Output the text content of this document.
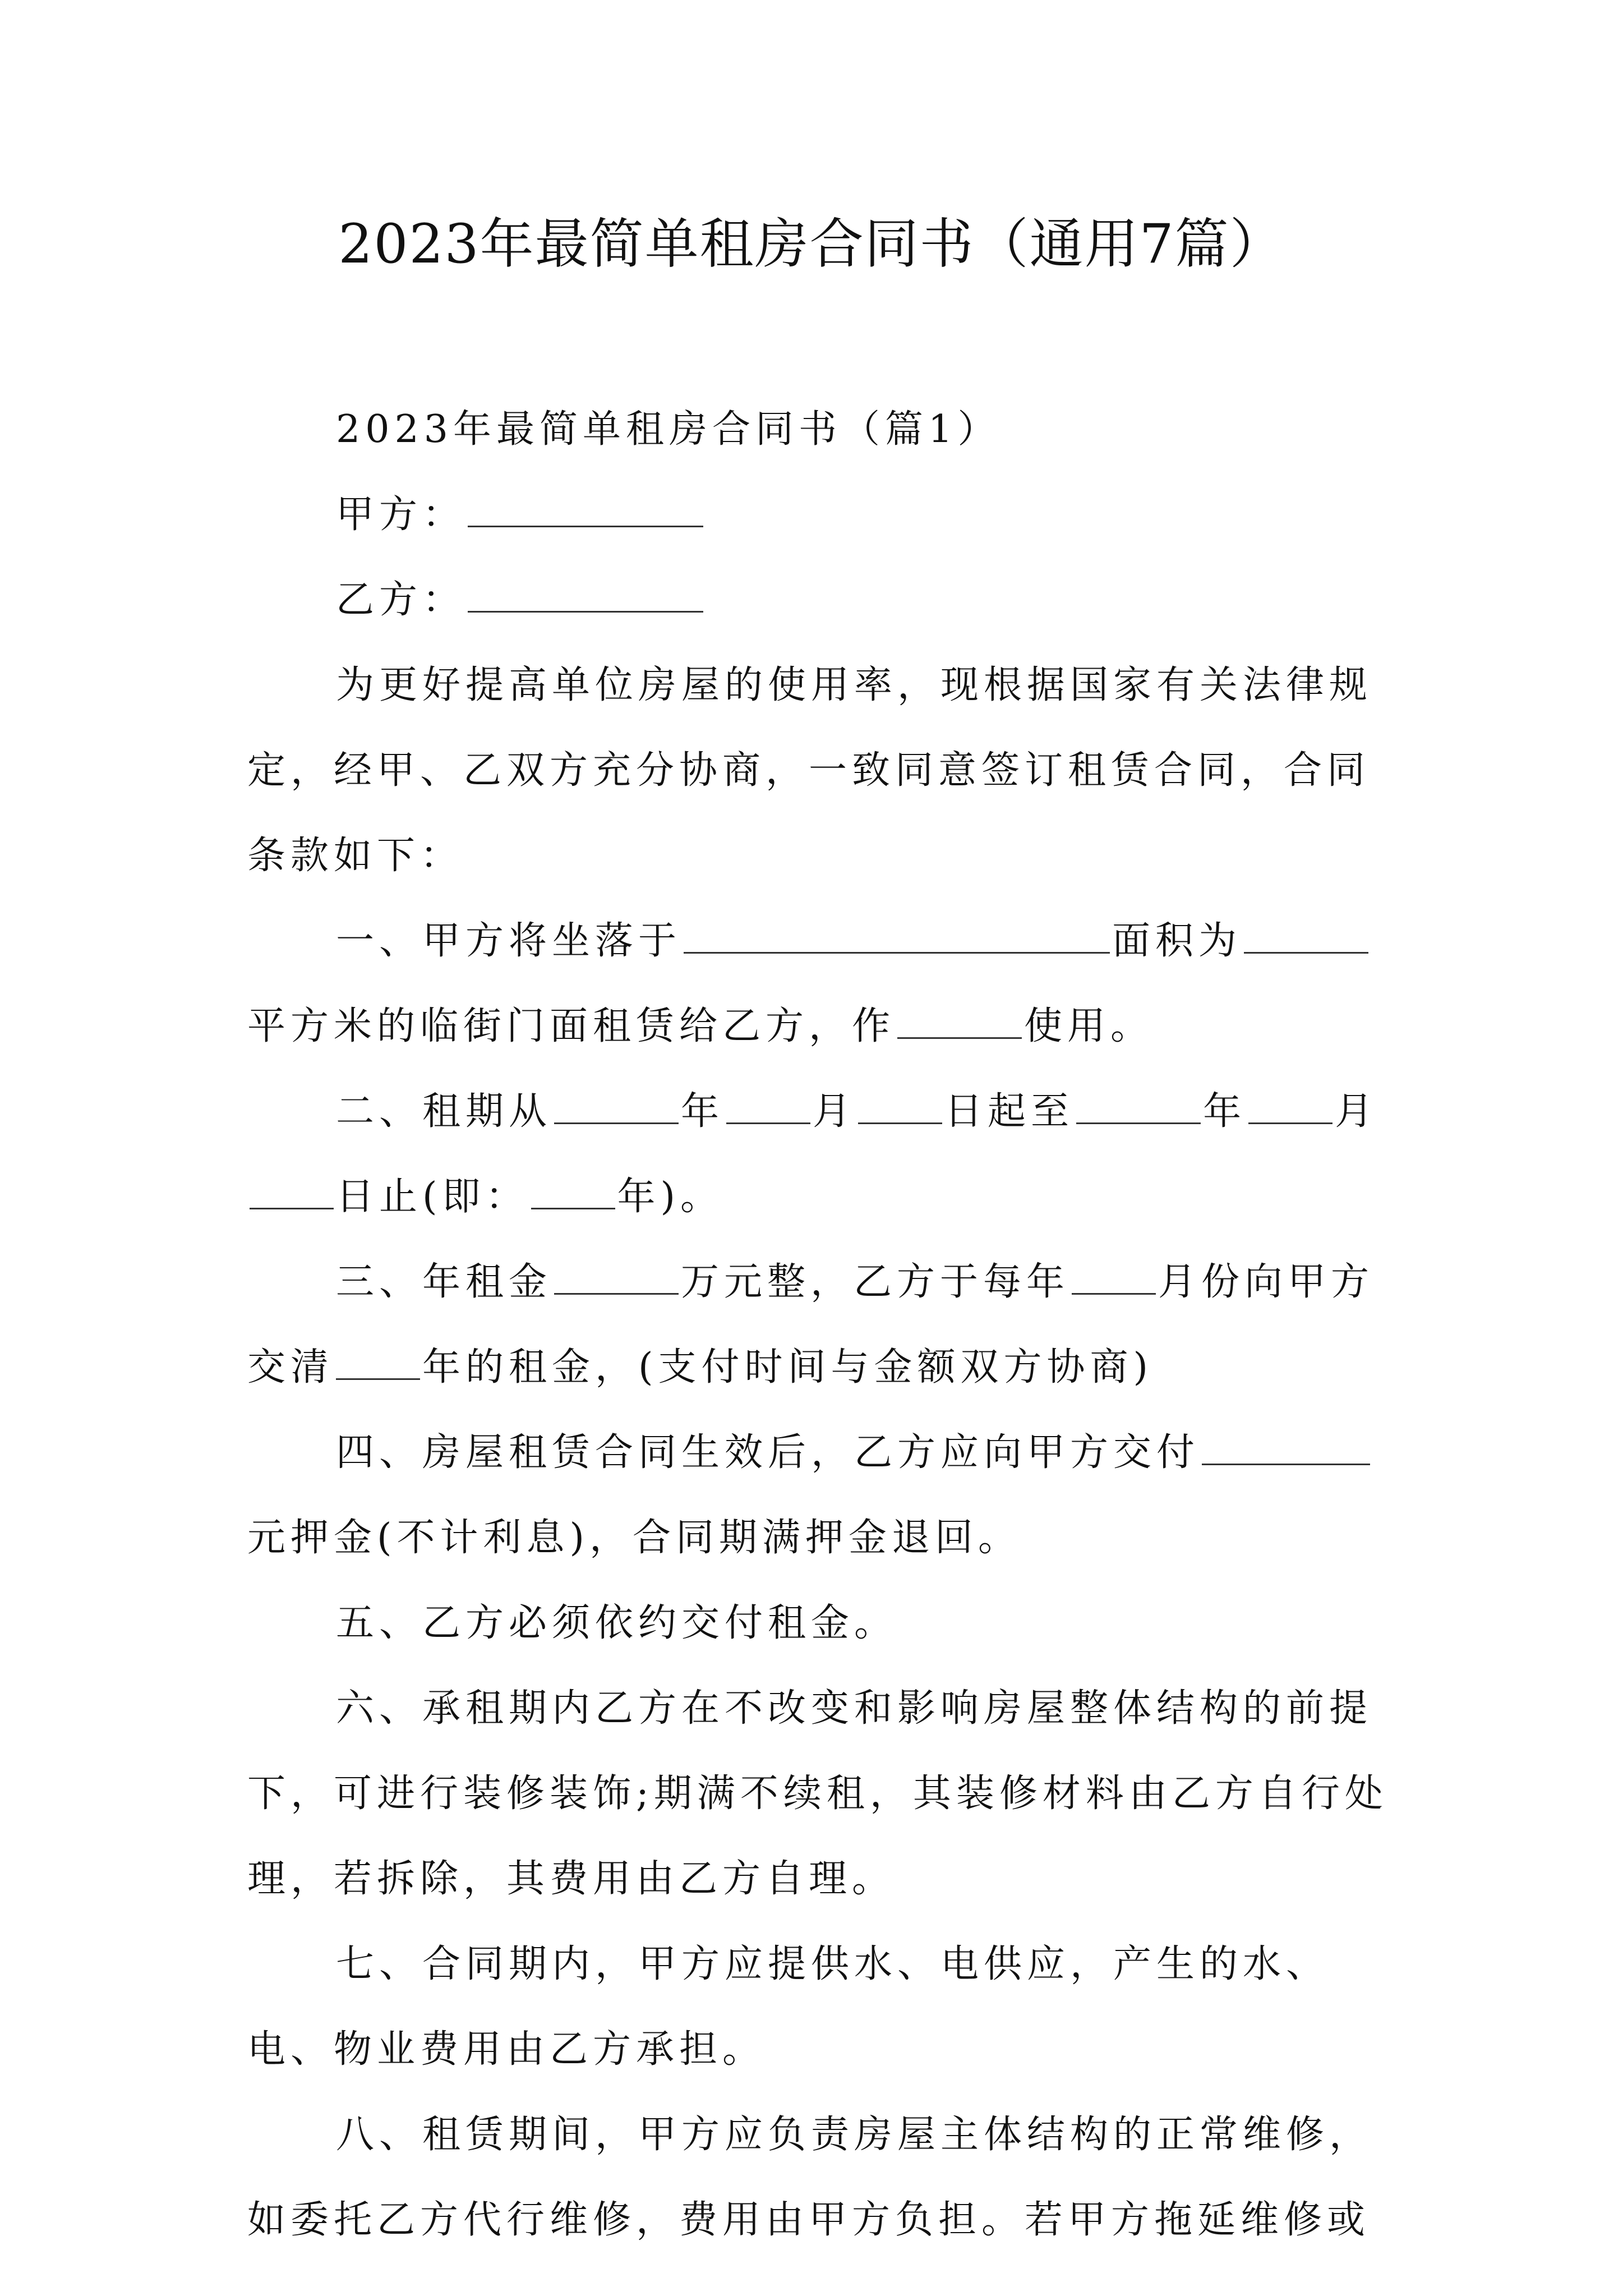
2023年最简单租房合同书（通用7篇）

2023年最简单租房合同书（篇1）

甲方：

乙方：

为更好提高单位房屋的使用率，现根据国家有关法律规定，经甲、乙双方充分协商，一致同意签订租赁合同，合同条款如下：

一、甲方将坐落于	面积为平方米的临街门面租赁给乙方，作	使用。

二、租期从	年 月 日起至	年 月日止(即： 年)。

三、年租金	万元整，乙方于每年 月份向甲方交清 年的租金，(支付时间与金额双方协商)

四、房屋租赁合同生效后，乙方应向甲方交付元押金(不计利息)，合同期满押金退回。

五、乙方必须依约交付租金。

六、承租期内乙方在不改变和影响房屋整体结构的前提下，可进行装修装饰;期满不续租，其装修材料由乙方自行处理，若拆除，其费用由乙方自理。

七、合同期内，甲方应提供水、电供应，产生的水、电、物业费用由乙方承担。

八、租赁期间，甲方应负责房屋主体结构的正常维修，如委托乙方代行维修，费用由甲方负担。若甲方拖延维修或
